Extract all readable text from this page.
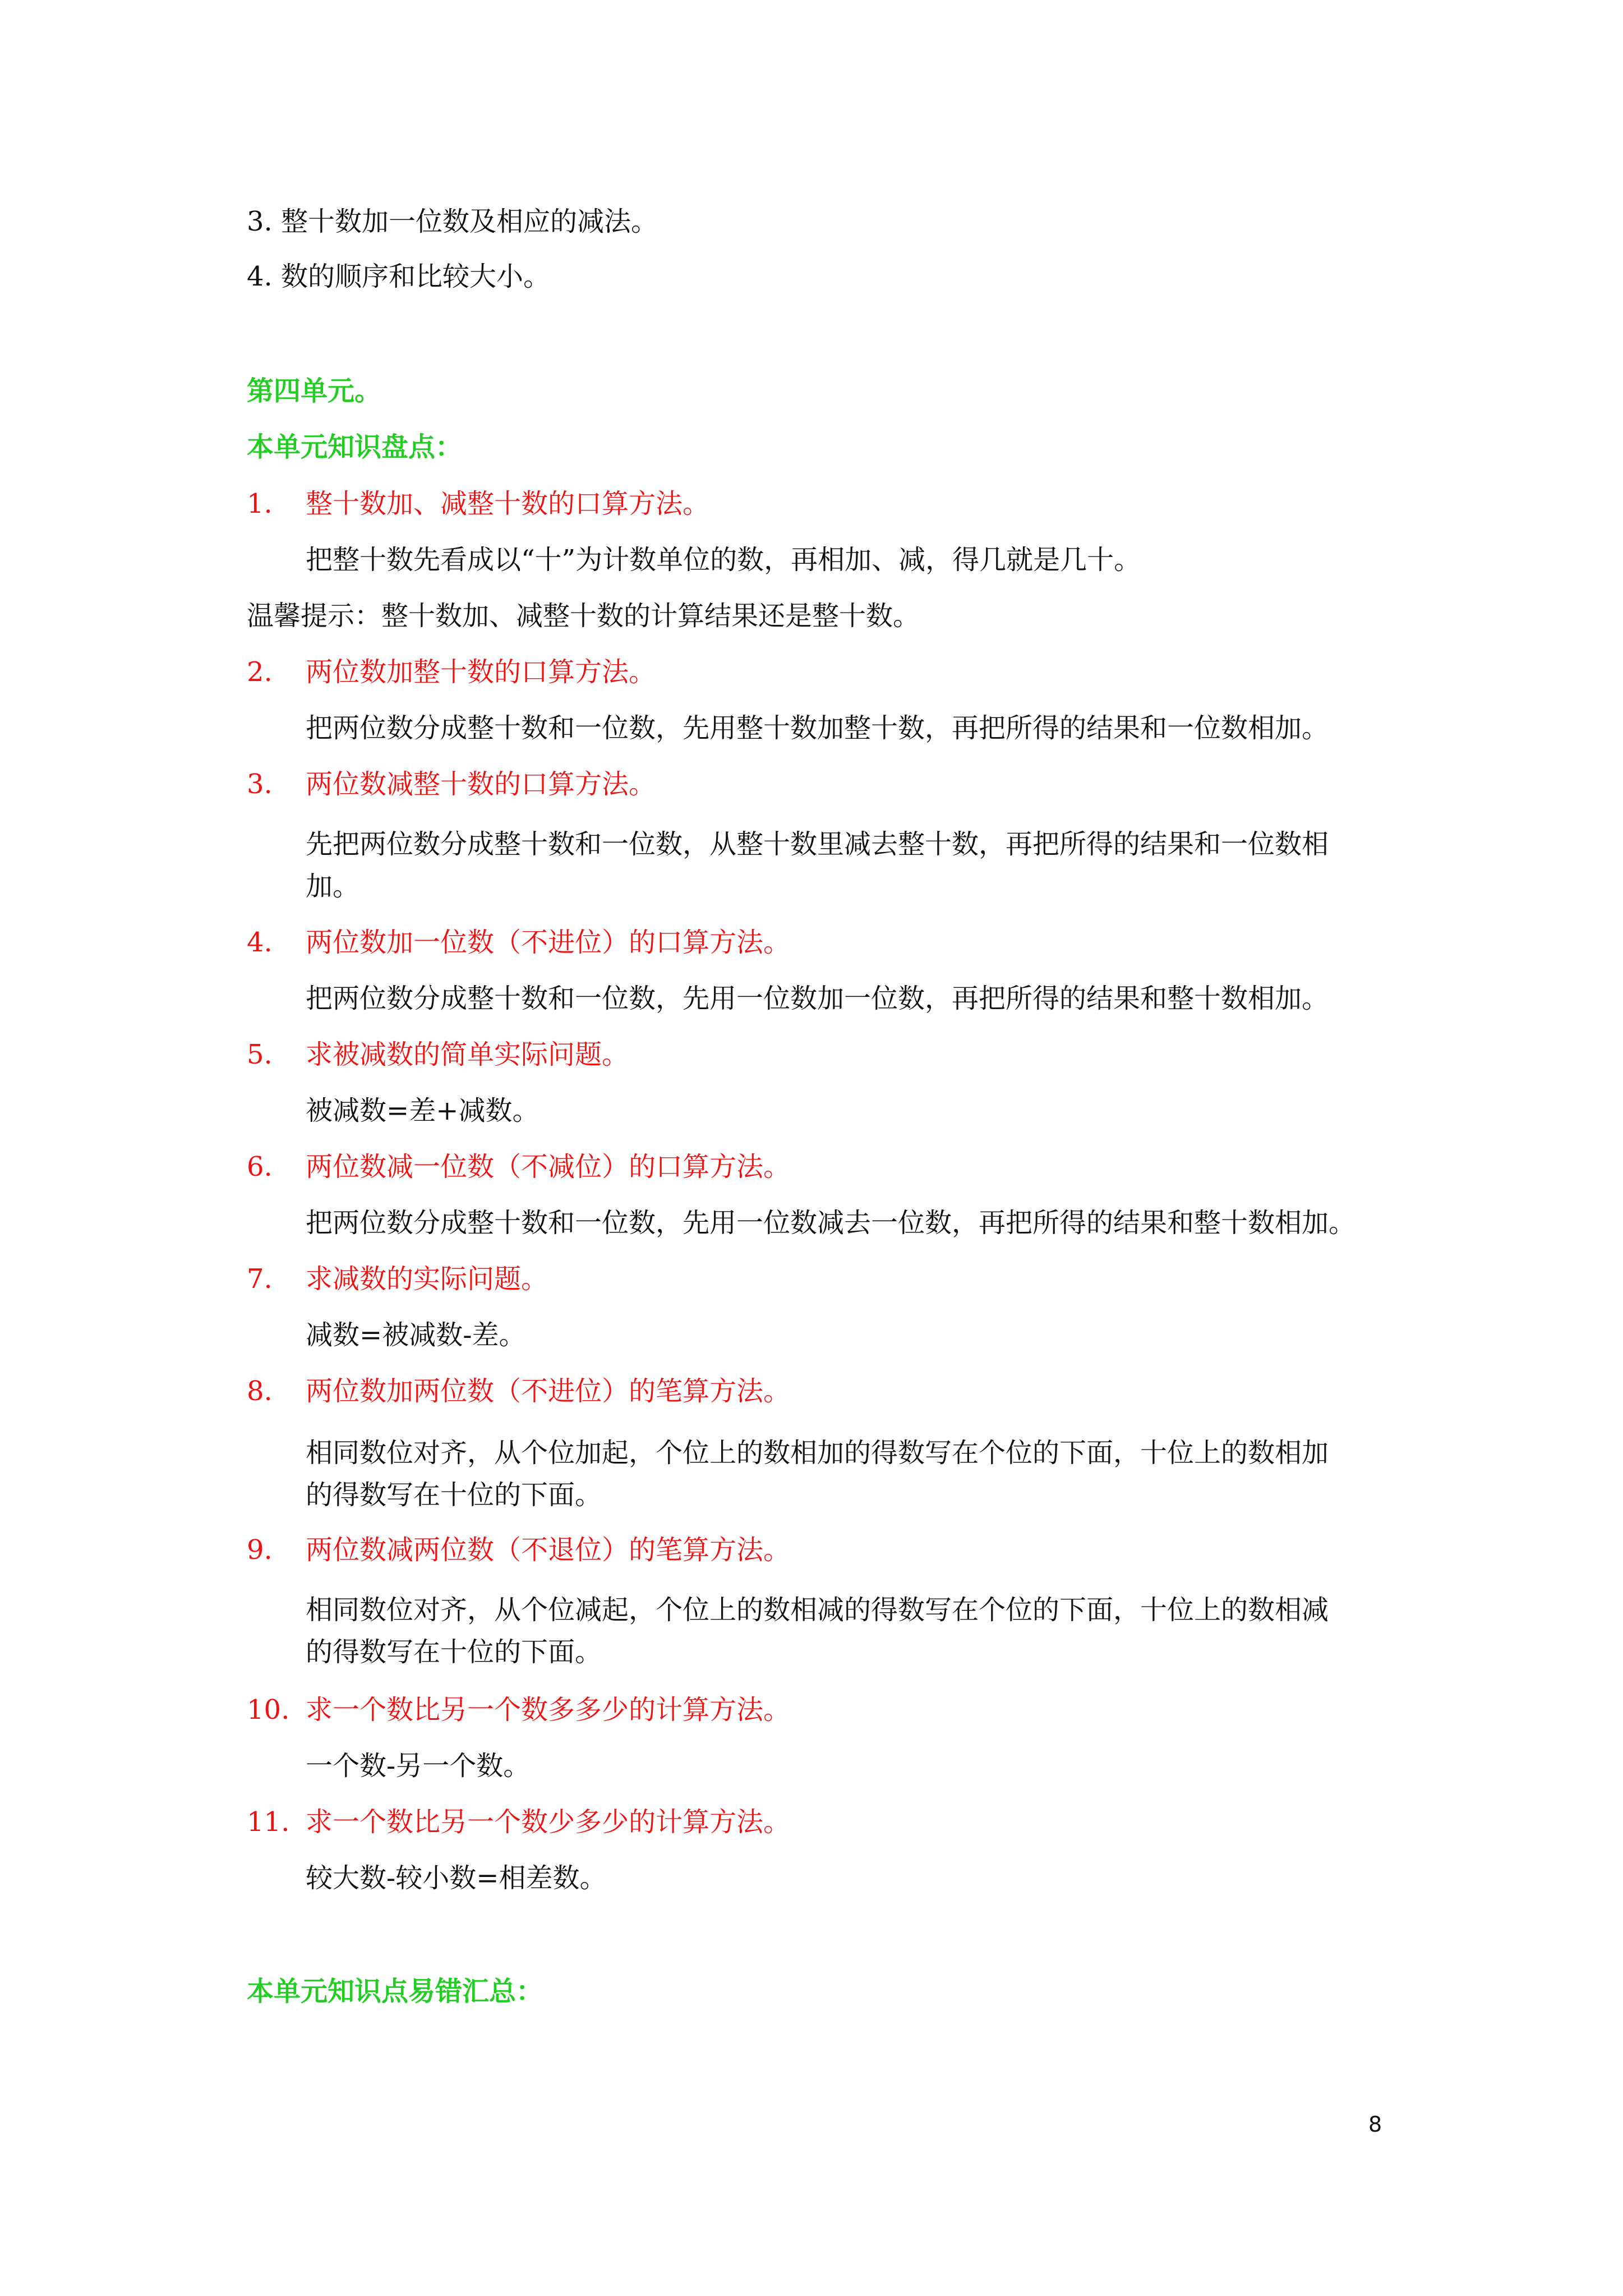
3. 整十数加一位数及相应的减法。
4. 数的顺序和比较大小。
第四单元。
本单元知识盘点：
1. 整十数加、减整十数的口算方法。
把整十数先看成以“十”为计数单位的数，再相加、减，得几就是几十。
温馨提示：整十数加、减整十数的计算结果还是整十数。
2. 两位数加整十数的口算方法。
把两位数分成整十数和一位数，先用整十数加整十数，再把所得的结果和一位数相加。
3. 两位数减整十数的口算方法。
先把两位数分成整十数和一位数，从整十数里减去整十数，再把所得的结果和一位数相
加。
4. 两位数加一位数（不进位）的口算方法。
把两位数分成整十数和一位数，先用一位数加一位数，再把所得的结果和整十数相加。
5. 求被减数的简单实际问题。
被减数=差+减数。
6. 两位数减一位数（不减位）的口算方法。
把两位数分成整十数和一位数，先用一位数减去一位数，再把所得的结果和整十数相加。
7. 求减数的实际问题。
减数=被减数-差。
8. 两位数加两位数（不进位）的笔算方法。
相同数位对齐，从个位加起，个位上的数相加的得数写在个位的下面，十位上的数相加
的得数写在十位的下面。
9. 两位数减两位数（不退位）的笔算方法。
相同数位对齐，从个位减起，个位上的数相减的得数写在个位的下面，十位上的数相减
的得数写在十位的下面。
10. 求一个数比另一个数多多少的计算方法。
一个数-另一个数。
11. 求一个数比另一个数少多少的计算方法。
较大数-较小数=相差数。
本单元知识点易错汇总：
8
